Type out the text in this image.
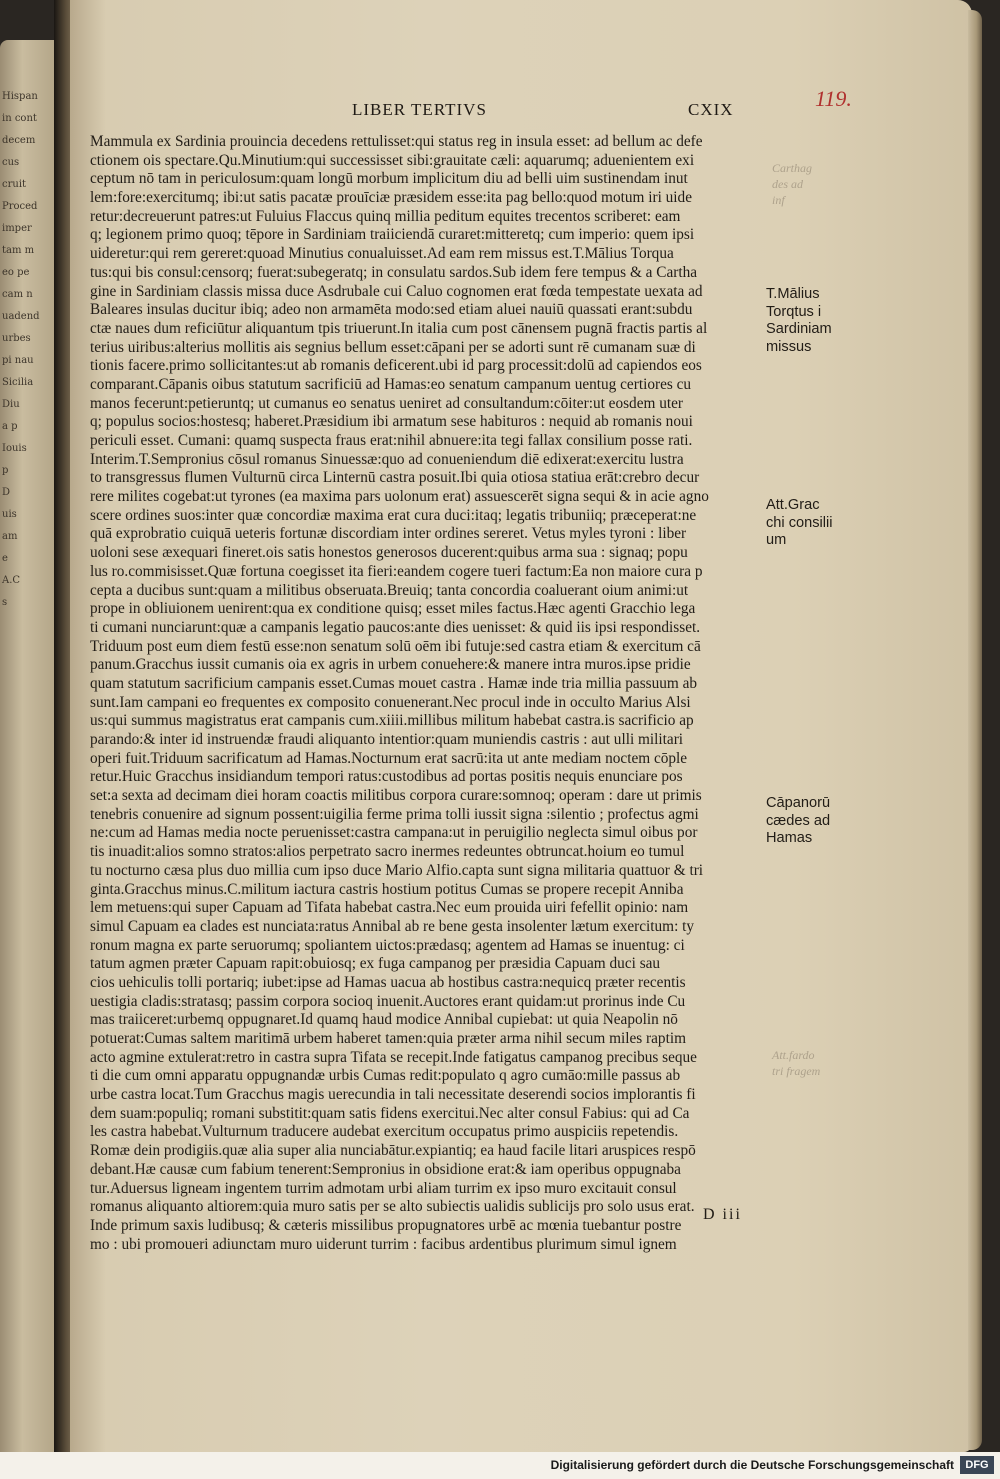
Hispan
in cont
decem
cus
cruit
Proced
imper
tam m
eo pe
cam n
uadend
urbes
pi nau
Sicilia
Diu
a p
Iouis
p
D
uis
am
e
A.C
s
LIBER TERTIVS	CXIX	119.
Mammula ex Sardinia prouincia decedens rettulisset:qui status reg in insula esset: ad bellum ac defe
ctionem ois spectare.Qu.Minutium:qui successisset sibi:grauitate cæli: aquarumq; aduenientem exi
ceptum nō tam in periculosum:quam longū morbum implicitum diu ad belli uim sustinendam inut
lem:fore:exercitumq; ibi:ut satis pacatæ prouīciæ præsidem esse:ita pag bello:quod motum iri uide
retur:decreuerunt patres:ut Fuluius Flaccus quinq millia peditum equites trecentos scriberet: eam
q; legionem primo quoq; tēpore in Sardiniam traiiciendā curaret:mitteretq; cum imperio: quem ipsi
uideretur:qui rem gereret:quoad Minutius conualuisset.Ad eam rem missus est.T.Mālius Torqua
tus:qui bis consul:censorq; fuerat:subegeratq; in consulatu sardos.Sub idem fere tempus & a Cartha
gine in Sardiniam classis missa duce Asdrubale cui Caluo cognomen erat fœda tempestate uexata ad
Baleares insulas ducitur ibiq; adeo non armamēta modo:sed etiam aluei nauiū quassati erant:subdu
ctæ naues dum reficiūtur aliquantum tpis triuerunt.In italia cum post cānensem pugnā fractis partis al
terius uiribus:alterius mollitis ais segnius bellum esset:cāpani per se adorti sunt rē cumanam suæ di
tionis facere.primo sollicitantes:ut ab romanis deficerent.ubi id parg processit:dolū ad capiendos eos
comparant.Cāpanis oibus statutum sacrificiū ad Hamas:eo senatum campanum uentug certiores cu
manos fecerunt:petieruntq; ut cumanus eo senatus ueniret ad consultandum:cōiter:ut eosdem uter
q; populus socios:hostesq; haberet.Præsidium ibi armatum sese habituros : nequid ab romanis noui
periculi esset. Cumani: quamq suspecta fraus erat:nihil abnuere:ita tegi fallax consilium posse rati.
Interim.T.Sempronius cōsul romanus Sinuessæ:quo ad conueniendum diē edixerat:exercitu lustra
to transgressus flumen Vulturnū circa Linternū castra posuit.Ibi quia otiosa statiua erāt:crebro decur
rere milites cogebat:ut tyrones (ea maxima pars uolonum erat) assuescerēt signa sequi & in acie agno
scere ordines suos:inter quæ concordiæ maxima erat cura duci:itaq; legatis tribuniiq; præceperat:ne
quā exprobratio cuiquā ueteris fortunæ discordiam inter ordines sereret. Vetus myles tyroni : liber
uoloni sese æxequari fineret.ois satis honestos generosos ducerent:quibus arma sua : signaq; popu
lus ro.commisisset.Quæ fortuna coegisset ita fieri:eandem cogere tueri factum:Ea non maiore cura p
cepta a ducibus sunt:quam a militibus obseruata.Breuiq; tanta concordia coaluerant oium animi:ut
prope in obliuionem uenirent:qua ex conditione quisq; esset miles factus.Hæc agenti Gracchio lega
ti cumani nunciarunt:quæ a campanis legatio paucos:ante dies uenisset: & quid iis ipsi respondisset.
Triduum post eum diem festū esse:non senatum solū oēm ibi futuje:sed castra etiam & exercitum cā
panum.Gracchus iussit cumanis oia ex agris in urbem conuehere:& manere intra muros.ipse pridie
quam statutum sacrificium campanis esset.Cumas mouet castra . Hamæ inde tria millia passuum ab
sunt.Iam campani eo frequentes ex composito conuenerant.Nec procul inde in occulto Marius Alsi
us:qui summus magistratus erat campanis cum.xiiii.millibus militum habebat castra.is sacrificio ap
parando:& inter id instruendæ fraudi aliquanto intentior:quam muniendis castris : aut ulli militari
operi fuit.Triduum sacrificatum ad Hamas.Nocturnum erat sacrū:ita ut ante mediam noctem cōple
retur.Huic Gracchus insidiandum tempori ratus:custodibus ad portas positis nequis enunciare pos
set:a sexta ad decimam diei horam coactis militibus corpora curare:somnoq; operam : dare ut primis
tenebris conuenire ad signum possent:uigilia ferme prima tolli iussit signa :silentio ; profectus agmi
ne:cum ad Hamas media nocte peruenisset:castra campana:ut in peruigilio neglecta simul oibus por
tis inuadit:alios somno stratos:alios perpetrato sacro inermes redeuntes obtruncat.hoium eo tumul
tu nocturno cæsa plus duo millia cum ipso duce Mario Alfio.capta sunt signa militaria quattuor & tri
ginta.Gracchus minus.C.militum iactura castris hostium potitus Cumas se propere recepit Anniba
lem metuens:qui super Capuam ad Tifata habebat castra.Nec eum prouida uiri fefellit opinio: nam
simul Capuam ea clades est nunciata:ratus Annibal ab re bene gesta insolenter lætum exercitum: ty
ronum magna ex parte seruorumq; spoliantem uictos:prædasq; agentem ad Hamas se inuentug: ci
tatum agmen præter Capuam rapit:obuiosq; ex fuga campanog per præsidia Capuam duci sau
cios uehiculis tolli portariq; iubet:ipse ad Hamas uacua ab hostibus castra:nequicq præter recentis
uestigia cladis:stratasq; passim corpora socioq inuenit.Auctores erant quidam:ut prorinus inde Cu
mas traiiceret:urbemq oppugnaret.Id quamq haud modice Annibal cupiebat: ut quia Neapolin nō
potuerat:Cumas saltem maritimā urbem haberet tamen:quia præter arma nihil secum miles raptim
acto agmine extulerat:retro in castra supra Tifata se recepit.Inde fatigatus campanog precibus seque
ti die cum omni apparatu oppugnandæ urbis Cumas redit:populato q agro cumāo:mille passus ab
urbe castra locat.Tum Gracchus magis uerecundia in tali necessitate deserendi socios implorantis fi
dem suam:populiq; romani substitit:quam satis fidens exercitui.Nec alter consul Fabius: qui ad Ca
les castra habebat.Vulturnum traducere audebat exercitum occupatus primo auspiciis repetendis.
Romæ dein prodigiis.quæ alia super alia nunciabātur.expiantiq; ea haud facile litari aruspices respō
debant.Hæ causæ cum fabium tenerent:Sempronius in obsidione erat:& iam operibus oppugnaba
tur.Aduersus ligneam ingentem turrim admotam urbi aliam turrim ex ipso muro excitauit consul
romanus aliquanto altiorem:quia muro satis per se alto subiectis ualidis sublicijs pro solo usus erat.
Inde primum saxis ludibusq; & cæteris missilibus propugnatores urbē ac mœnia tuebantur postre
mo : ubi promoueri adiunctam muro uiderunt turrim : facibus ardentibus plurimum simul ignem
T.Mālius
Torqtus i
Sardiniam
missus
Att.Grac
chi consilii
um
Cāpanorū
cædes ad
Hamas
Carthag
des ad
inf
Att.fardo
tri fragem
D iii
Digitalisierung gefördert durch die Deutsche Forschungsgemeinschaft	DFG
